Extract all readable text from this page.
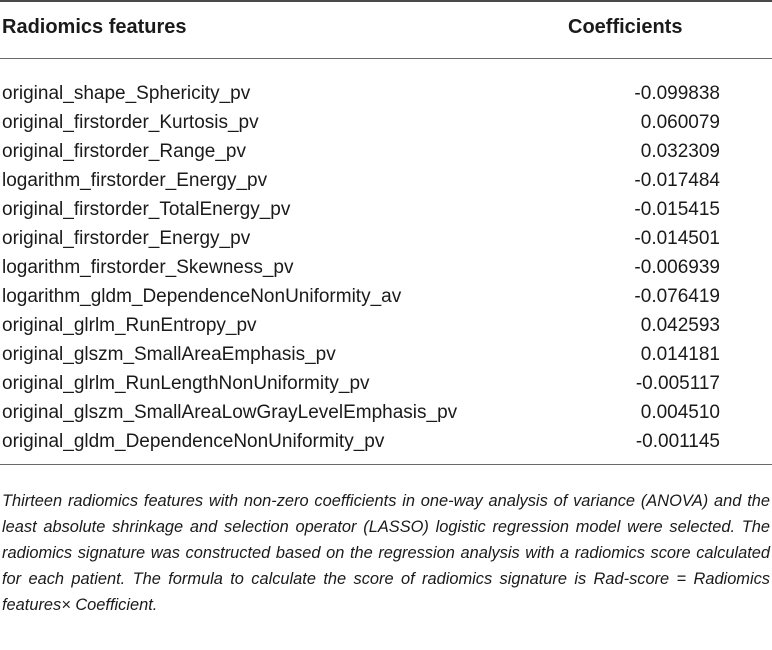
Radiomics features	Coefficients
original_shape_Sphericity_pv	-0.099838
original_firstorder_Kurtosis_pv	0.060079
original_firstorder_Range_pv	0.032309
logarithm_firstorder_Energy_pv	-0.017484
original_firstorder_TotalEnergy_pv	-0.015415
original_firstorder_Energy_pv	-0.014501
logarithm_firstorder_Skewness_pv	-0.006939
logarithm_gldm_DependenceNonUniformity_av	-0.076419
original_glrlm_RunEntropy_pv	0.042593
original_glszm_SmallAreaEmphasis_pv	0.014181
original_glrlm_RunLengthNonUniformity_pv	-0.005117
original_glszm_SmallAreaLowGrayLevelEmphasis_pv	0.004510
original_gldm_DependenceNonUniformity_pv	-0.001145
Thirteen radiomics features with non-zero coefficients in one-way analysis of variance (ANOVA) and the least absolute shrinkage and selection operator (LASSO) logistic regression model were selected. The radiomics signature was constructed based on the regression analysis with a radiomics score calculated for each patient. The formula to calculate the score of radiomics signature is Rad-score = Radiomics features× Coefficient.
